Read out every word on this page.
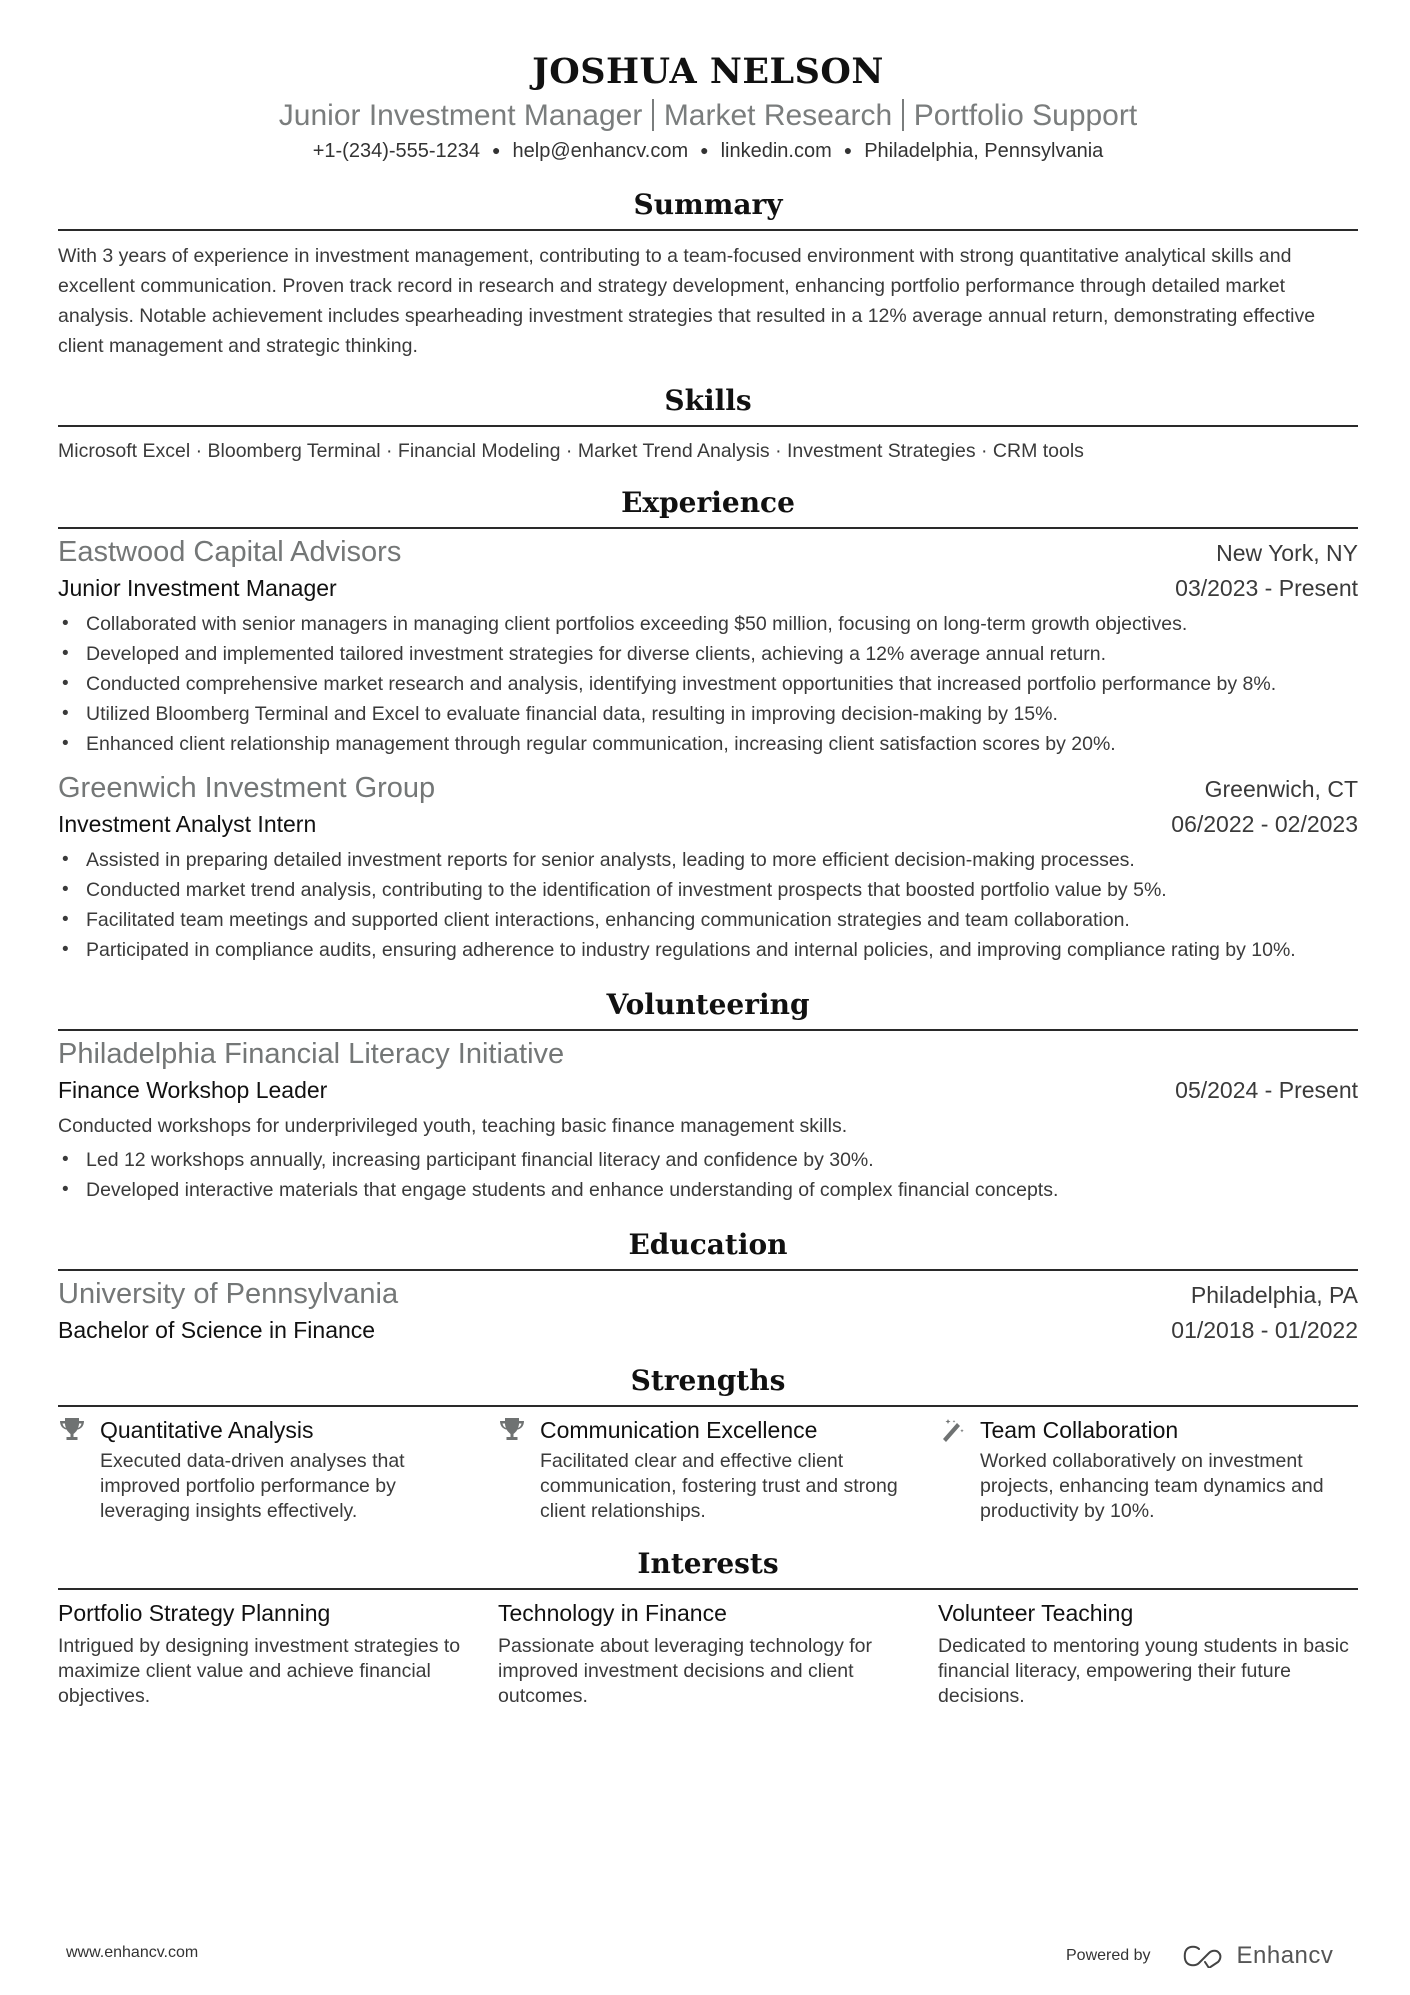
JOSHUA NELSON
Junior Investment Manager Market Research Portfolio Support
+1-(234)-555-1234 ● help@enhancv.com ● linkedin.com ● Philadelphia, Pennsylvania
Summary
With 3 years of experience in investment management, contributing to a team-focused environment with strong quantitative analytical skills and excellent communication. Proven track record in research and strategy development, enhancing portfolio performance through detailed market analysis. Notable achievement includes spearheading investment strategies that resulted in a 12% average annual return, demonstrating effective client management and strategic thinking.
Skills
Microsoft Excel · Bloomberg Terminal · Financial Modeling · Market Trend Analysis · Investment Strategies · CRM tools
Experience
Eastwood Capital Advisors	New York, NY
Junior Investment Manager	03/2023 - Present
• Collaborated with senior managers in managing client portfolios exceeding $50 million, focusing on long-term growth objectives.
• Developed and implemented tailored investment strategies for diverse clients, achieving a 12% average annual return.
• Conducted comprehensive market research and analysis, identifying investment opportunities that increased portfolio performance by 8%.
• Utilized Bloomberg Terminal and Excel to evaluate financial data, resulting in improving decision-making by 15%.
• Enhanced client relationship management through regular communication, increasing client satisfaction scores by 20%.
Greenwich Investment Group	Greenwich, CT
Investment Analyst Intern	06/2022 - 02/2023
• Assisted in preparing detailed investment reports for senior analysts, leading to more efficient decision-making processes.
• Conducted market trend analysis, contributing to the identification of investment prospects that boosted portfolio value by 5%.
• Facilitated team meetings and supported client interactions, enhancing communication strategies and team collaboration.
• Participated in compliance audits, ensuring adherence to industry regulations and internal policies, and improving compliance rating by 10%.
Volunteering
Philadelphia Financial Literacy Initiative
Finance Workshop Leader	05/2024 - Present
Conducted workshops for underprivileged youth, teaching basic finance management skills.
• Led 12 workshops annually, increasing participant financial literacy and confidence by 30%.
• Developed interactive materials that engage students and enhance understanding of complex financial concepts.
Education
University of Pennsylvania	Philadelphia, PA
Bachelor of Science in Finance	01/2018 - 01/2022
Strengths
Quantitative Analysis
Executed data-driven analyses that improved portfolio performance by leveraging insights effectively.
Communication Excellence
Facilitated clear and effective client communication, fostering trust and strong client relationships.
Team Collaboration
Worked collaboratively on investment projects, enhancing team dynamics and productivity by 10%.
Interests
Portfolio Strategy Planning
Intrigued by designing investment strategies to maximize client value and achieve financial objectives.
Technology in Finance
Passionate about leveraging technology for improved investment decisions and client outcomes.
Volunteer Teaching
Dedicated to mentoring young students in basic financial literacy, empowering their future decisions.
www.enhancv.com	Powered by	Enhancv
